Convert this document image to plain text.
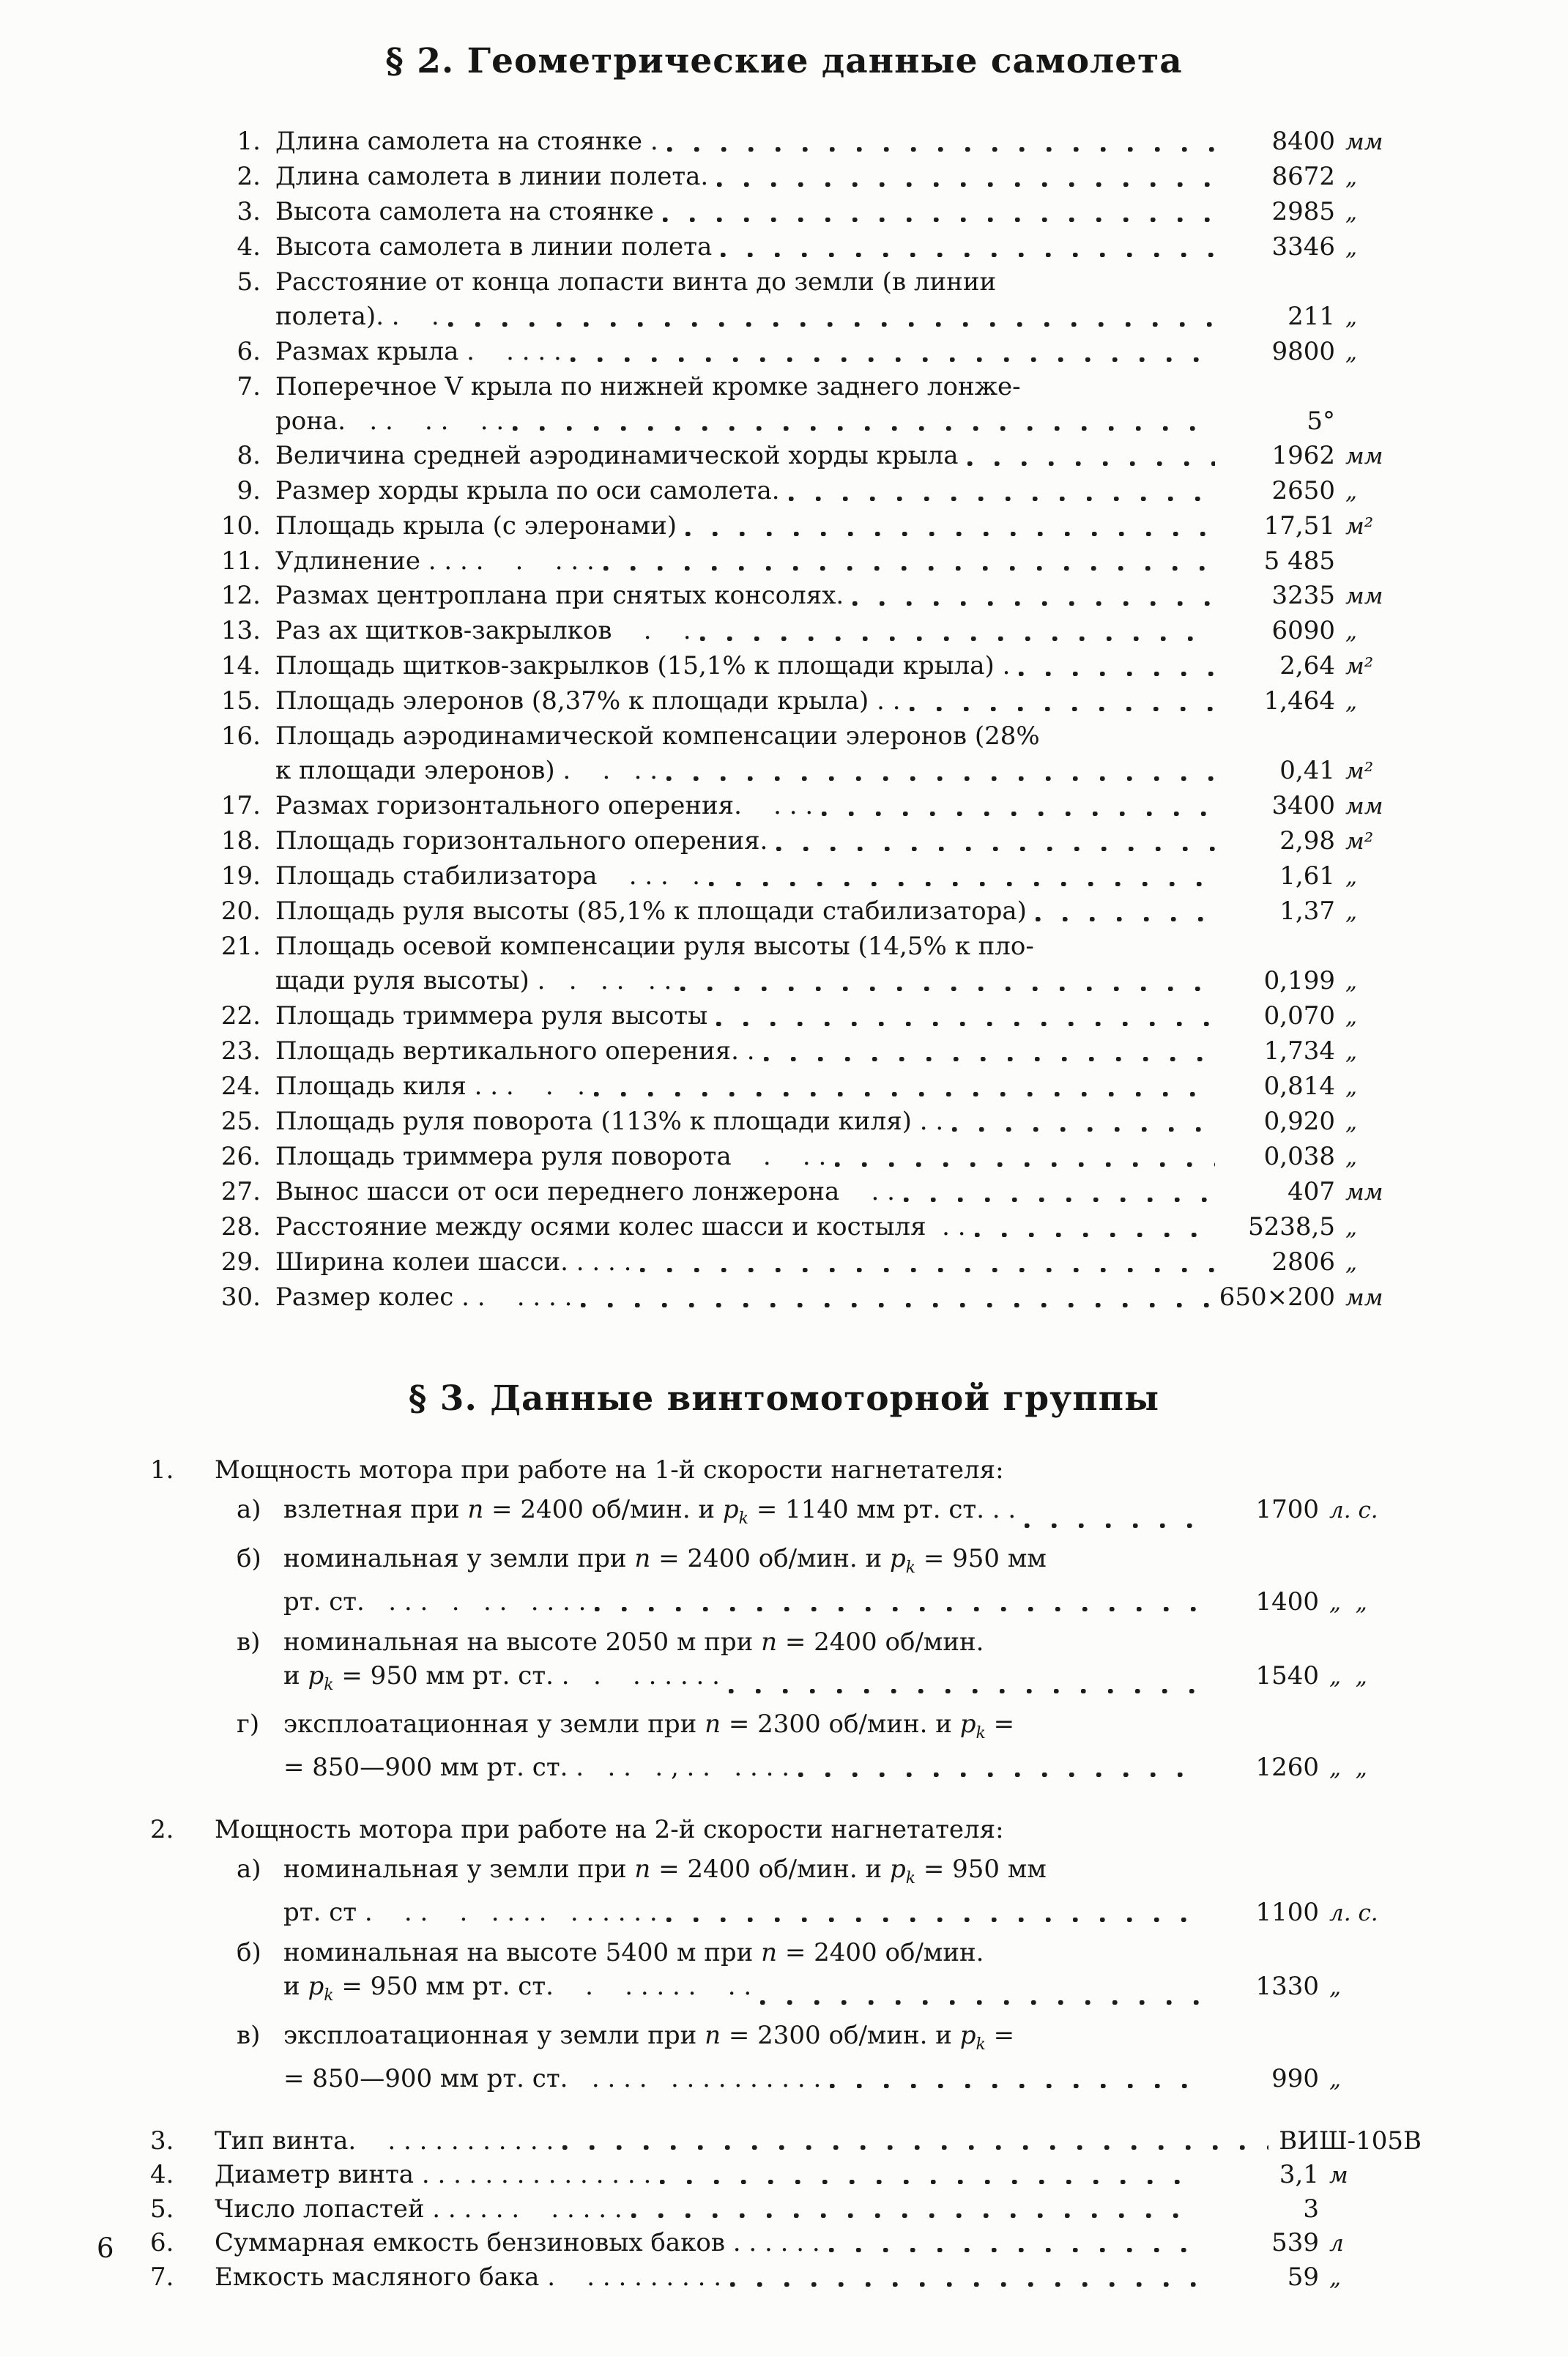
§ 2. Геометрические данные самолета
1. Длина самолета на стоянке .	8400 мм
2. Длина самолета в линии полета.	8672 „
3. Высота самолета на стоянке	2985 „
4. Высота самолета в линии полета	3346 „
5. Расстояние от конца лопасти винта до земли (в линии
полета). .    .	211 „
6. Размах крыла .    . . . .	9800 „
7. Поперечное V крыла по нижней кромке заднего лонже-
рона.   . .    . .    . .	5°
8. Величина средней аэродинамической хорды крыла	1962 мм
9. Размер хорды крыла по оси самолета.	2650 „
10. Площадь крыла (с элеронами)	17,51 м²
11. Удлинение . . . .    .    . . .	5 485
12. Размах центроплана при снятых консолях.	3235 мм
13. Раз ах щитков-закрылков    .    .	6090 „
14. Площадь щитков-закрылков (15,1% к площади крыла) .	2,64 м²
15. Площадь элеронов (8,37% к площади крыла) . .	1,464 „
16. Площадь аэродинамической компенсации элеронов (28%
к площади элеронов) .    .   . .	0,41 м²
17. Размах горизонтального оперения.    . . .	3400 мм
18. Площадь горизонтального оперения.	2,98 м²
19. Площадь стабилизатора    . . .   .	1,61 „
20. Площадь руля высоты (85,1% к площади стабилизатора)	1,37 „
21. Площадь осевой компенсации руля высоты (14,5% к пло-
щади руля высоты) .   .   . .   . .	0,199 „
22. Площадь триммера руля высоты	0,070 „
23. Площадь вертикального оперения. .	1,734 „
24. Площадь киля . . .    .   .	0,814 „
25. Площадь руля поворота (113% к площади киля) . .	0,920 „
26. Площадь триммера руля поворота    .    . .	0,038 „
27. Вынос шасси от оси переднего лонжерона    . .	407 мм
28. Расстояние между осями колес шасси и костыля  . .	5238,5 „
29. Ширина колеи шасси. . . . .	2806 „
30. Размер колес . .    . . . .	650×200 мм
§ 3. Данные винтомоторной группы
1.	Мощность мотора при работе на 1-й скорости нагнетателя:
а) взлетная при n = 2400 об/мин. и $p_k = 1140$ мм рт. ст. . .	1700 л. с.
б) номинальная у земли при n = 2400 об/мин. и $p_k = 950$ мм
рт. ст.   . . .   .   . .   . . . .	1400 „  „
в) номинальная на высоте 2050 м при n = 2400 об/мин.
и $p_k = 950$ мм рт. ст. .   .    . . . . . .	1540 „  „
г) эксплоатационная у земли при n = 2300 об/мин. и $p_k$ =
= 850—900 мм рт. ст. .   . .   . , . .   . . . .	1260 „  „
2.	Мощность мотора при работе на 2-й скорости нагнетателя:
а) номинальная у земли при n = 2400 об/мин. и $p_k = 950$ мм
рт. ст .    . .    .   . . . .   . . . . . .	1100 л. с.
б) номинальная на высоте 5400 м при n = 2400 об/мин.
и $p_k = 950$ мм рт. ст.    .    . . . . .    . .	1330 „
в) эксплоатационная у земли при n = 2300 об/мин. и $p_k$ =
= 850—900 мм рт. ст.   . . . .   . . . . . . . . . .	990 „
3.	Тип винта.    . . . . . . . . . . .	ВИШ-105В
4.	Диаметр винта . . . . . . . . . . . . . . .	3,1 м
5.	Число лопастей . . . . . .    . . . . .	3
6.	Суммарная емкость бензиновых баков . . . . . .	539 л
7.	Емкость масляного бака .    . . . . . . . . .	59 „
6
